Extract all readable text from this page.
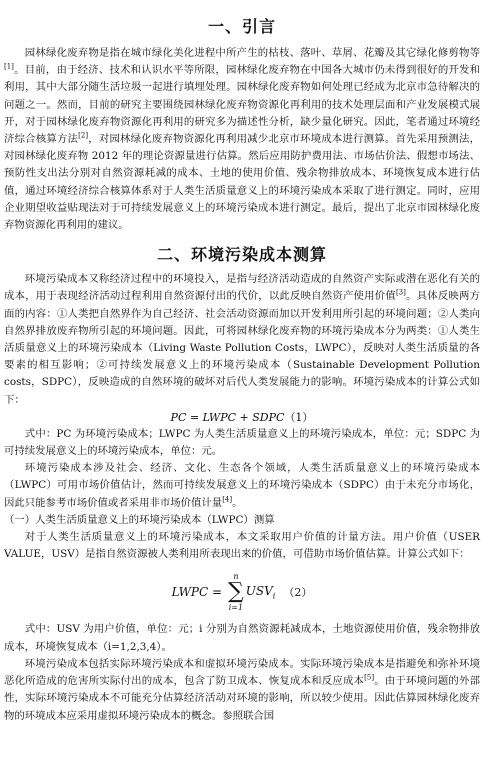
一、引言

园林绿化废弃物是指在城市绿化美化进程中所产生的枯枝、落叶、草屑、花瓣及其它绿化修剪物等[1]。目前，由于经济、技术和认识水平等所限，园林绿化废弃物在中国各大城市仍未得到很好的开发和利用，其中大部分随生活垃圾一起进行填埋处理。园林绿化废弃物如何处理已经成为北京市急待解决的问题之一。然而，目前的研究主要围绕园林绿化废弃物资源化再利用的技术处理层面和产业发展模式展开，对于园林绿化废弃物资源化再利用的研究多为描述性分析，缺少量化研究。因此，笔者通过环境经济综合核算方法[2]，对园林绿化废弃物资源化再利用减少北京市环境成本进行测算。首先采用预测法，对园林绿化废弃物 2012 年的理论资源量进行估算。然后应用防护费用法、市场估价法、假想市场法、预防性支出法分别对自然资源耗减的成本、土地的使用价值、残余物排放成本、环境恢复成本进行估值，通过环境经济综合核算体系对于人类生活质量意义上的环境污染成本采取了进行测定。同时，应用企业期望收益贴现法对于可持续发展意义上的环境污染成本进行测定。最后，提出了北京市园林绿化废弃物资源化再利用的建议。

二、环境污染成本测算

环境污染成本又称经济过程中的环境投入，是指与经济活动造成的自然资产实际或潜在恶化有关的成本，用于表现经济活动过程利用自然资源付出的代价，以此反映自然资产使用价值[3]。具体反映两方面的内容：①人类把自然界作为自己经济、社会活动资源而加以开发利用所引起的环境问题；②人类向自然界排放废弃物所引起的环境问题。因此，可将园林绿化废弃物的环境污染成本分为两类：①人类生活质量意义上的环境污染成本（Living Waste Pollution Costs，LWPC），反映对人类生活质量的各要素的相互影响；②可持续发展意义上的环境污染成本（Sustainable Development Pollution costs，SDPC），反映造成的自然环境的破坏对后代人类发展能力的影响。环境污染成本的计算公式如下：

PC = LWPC + SDPC（1）

式中：PC 为环境污染成本；LWPC 为人类生活质量意义上的环境污染成本，单位：元；SDPC 为可持续发展意义上的环境污染成本，单位：元。

环境污染成本涉及社会、经济、文化、生态各个领域，人类生活质量意义上的环境污染成本（LWPC）可用市场价值估计，然而可持续发展意义上的环境污染成本（SDPC）由于未充分市场化，因此只能参考市场价值或者采用非市场价值计量[4]。

（一）人类生活质量意义上的环境污染成本（LWPC）测算

对于人类生活质量意义上的环境污染成本，本文采取用户价值的计量方法。用户价值（USER VALUE，USV）是指自然资源被人类利用所表现出来的价值，可借助市场价值估算。计算公式如下：

LWPC =
n
∑
i=1
$USV_i$ （2）

式中：USV 为用户价值，单位：元；i 分别为自然资源耗减成本，土地资源使用价值，残余物排放成本，环境恢复成本（i=1,2,3,4）。

环境污染成本包括实际环境污染成本和虚拟环境污染成本。实际环境污染成本是指避免和弥补环境恶化所造成的危害所实际付出的成本，包含了防卫成本、恢复成本和反应成本[5]。由于环境问题的外部性，实际环境污染成本不可能充分估算经济活动对环境的影响，所以较少使用。因此估算园林绿化废弃物的环境成本应采用虚拟环境污染成本的概念。参照联合国
